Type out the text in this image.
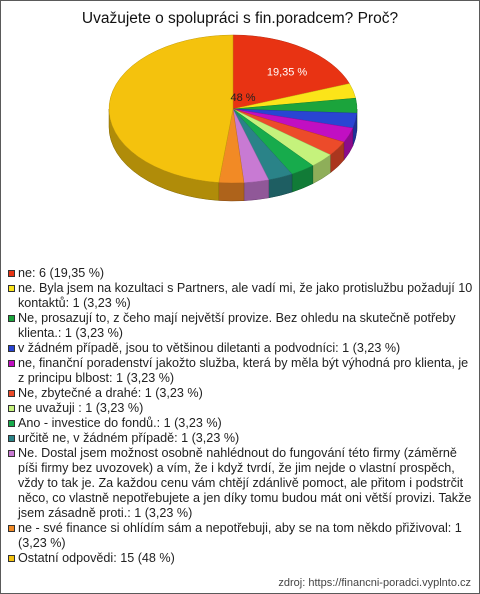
Uvažujete o spolupráci s fin.poradcem? Proč?
19,35 %
48 %
ne: 6 (19,35 %)
ne. Byla jsem na kozultaci s Partners, ale vadí mi, že jako protislužbu požadují 10 kontaktů: 1 (3,23 %)
Ne, prosazují to, z čeho mají největší provize. Bez ohledu na skutečně potřeby klienta.: 1 (3,23 %)
v žádném případě, jsou to většinou diletanti a podvodníci: 1 (3,23 %)
ne, finanční poradenství jakožto služba, která by měla být výhodná pro klienta, je z principu blbost: 1 (3,23 %)
Ne, zbytečné a drahé: 1 (3,23 %)
ne uvažuji : 1 (3,23 %)
Ano - investice do fondů.: 1 (3,23 %)
určitě ne, v žádném případě: 1 (3,23 %)
Ne. Dostal jsem možnost osobně nahlédnout do fungování této firmy (záměrně píši firmy bez uvozovek) a vím, že i když tvrdí, že jim nejde o vlastní prospěch, vždy to tak je. Za každou cenu vám chtějí zdánlivě pomoct, ale přitom i podstrčit něco, co vlastně nepotřebujete a jen díky tomu budou mát oni větší provizi. Takže jsem zásadně proti.: 1 (3,23 %)
ne - své finance si ohlídím sám a nepotřebuji, aby se na tom někdo přiživoval: 1 (3,23 %)
Ostatní odpovědi: 15 (48 %)
zdroj: https://financni-poradci.vyplnto.cz
